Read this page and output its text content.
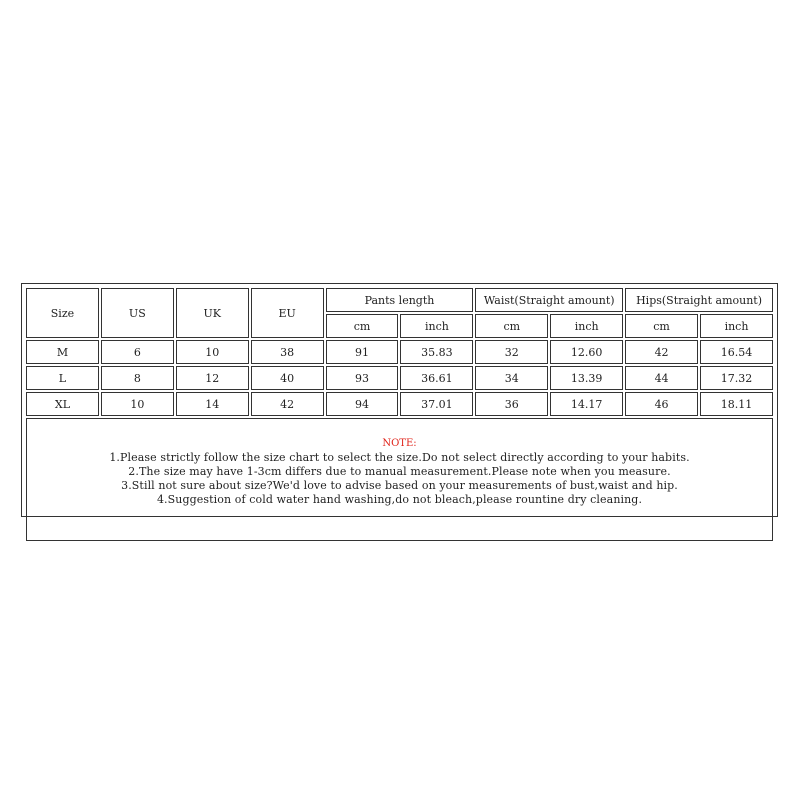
Size	US	UK	EU	Pants length		Waist(Straight amount)		Hips(Straight amount)	
				cm	inch	cm	inch	cm	inch
M	6	10	38	91	35.83	32	12.60	42	16.54
L	8	12	40	93	36.61	34	13.39	44	17.32
XL	10	14	42	94	37.01	36	14.17	46	18.11

NOTE:
1.Please strictly follow the size chart to select the size.Do not select directly according to your habits.
2.The size may have 1-3cm differs due to manual measurement.Please note when you measure.
3.Still not sure about size?We'd love to advise based on your measurements of bust,waist and hip.
4.Suggestion of cold water hand washing,do not bleach,please rountine dry cleaning.									
